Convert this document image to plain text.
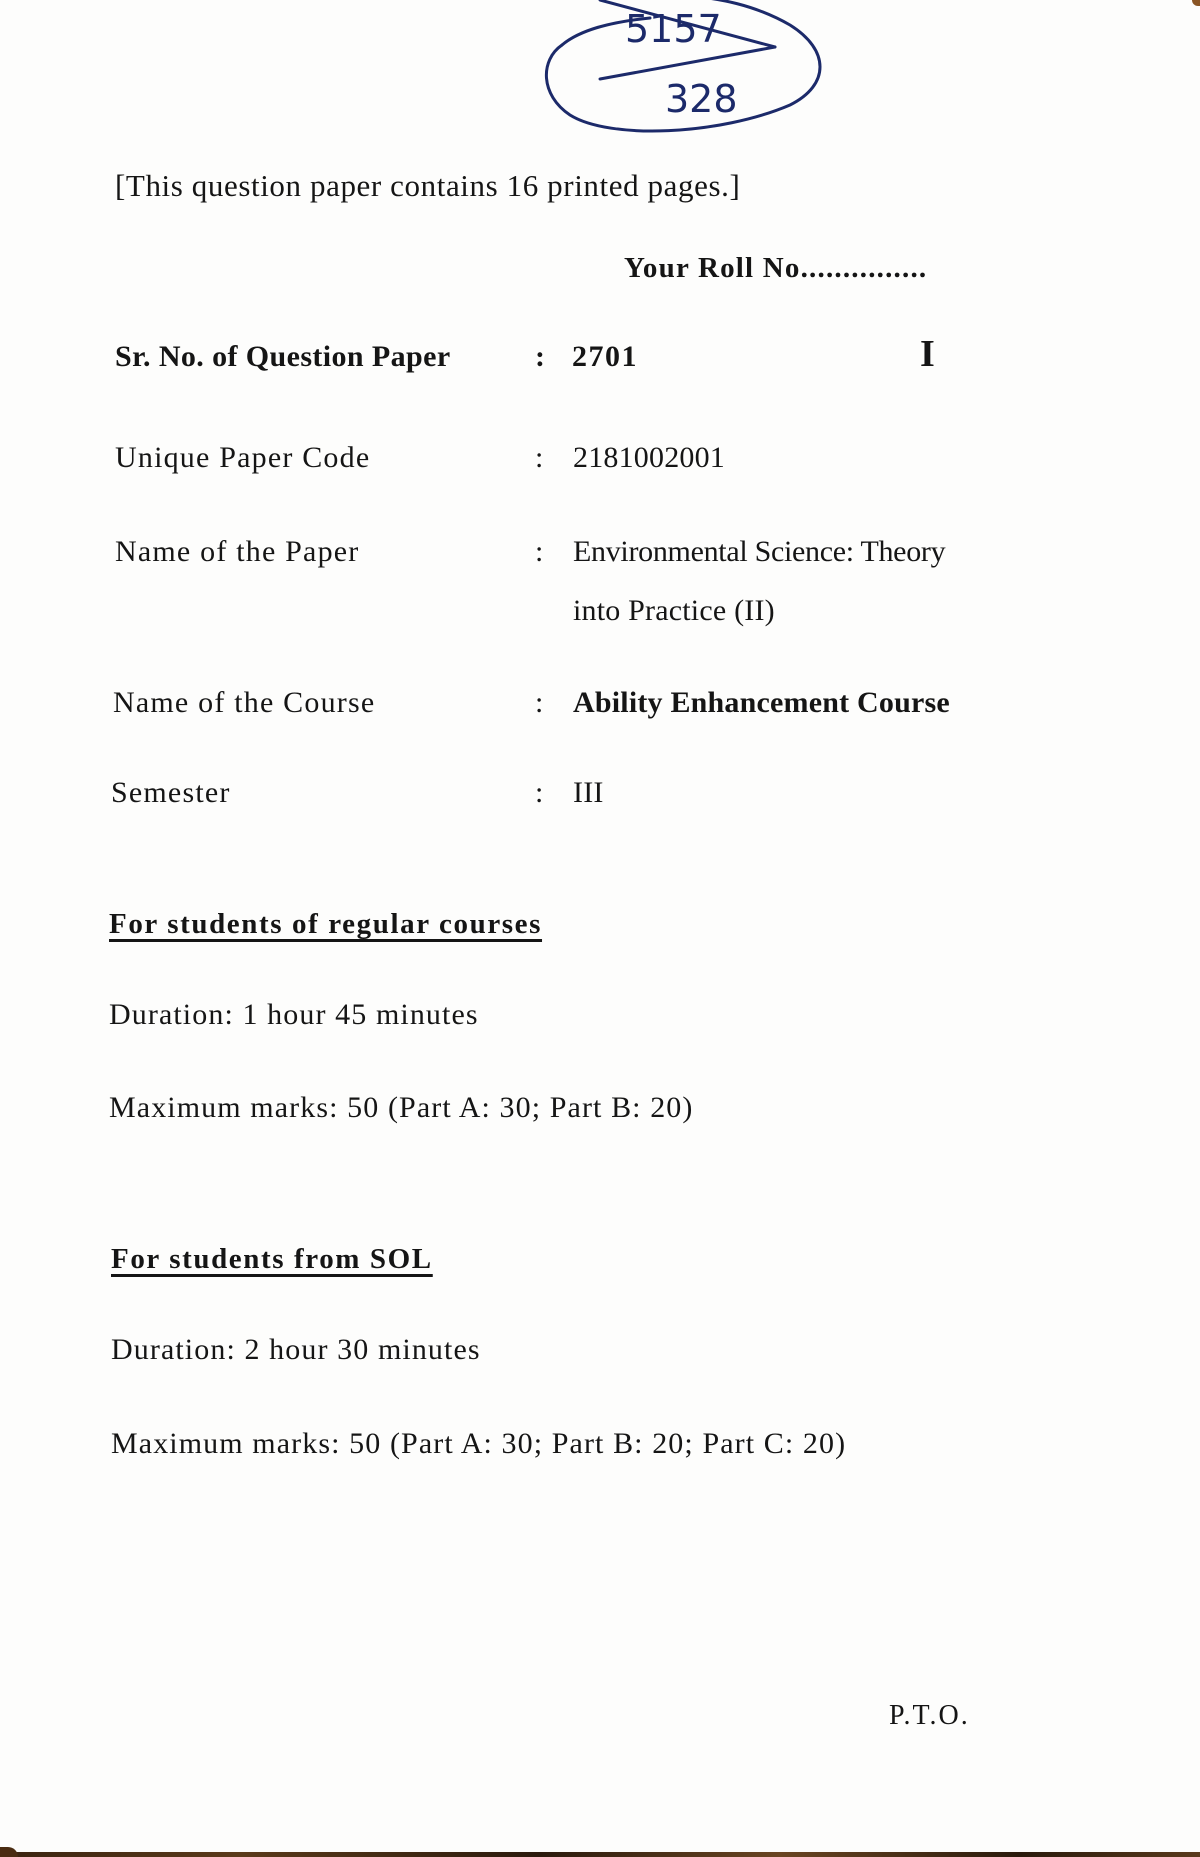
5157
328
[This question paper contains 16 printed pages.]
Your Roll No...............
I
Sr. No. of Question Paper	: 2701
Unique Paper Code	: 2181002001
Name of the Paper	: Environmental Science: Theory
into Practice (II)
Name of the Course	: Ability Enhancement Course
Semester	: III
For students of regular courses
Duration: 1 hour 45 minutes
Maximum marks: 50 (Part A: 30; Part B: 20)
For students from SOL
Duration: 2 hour 30 minutes
Maximum marks: 50 (Part A: 30; Part B: 20; Part C: 20)
P.T.O.
